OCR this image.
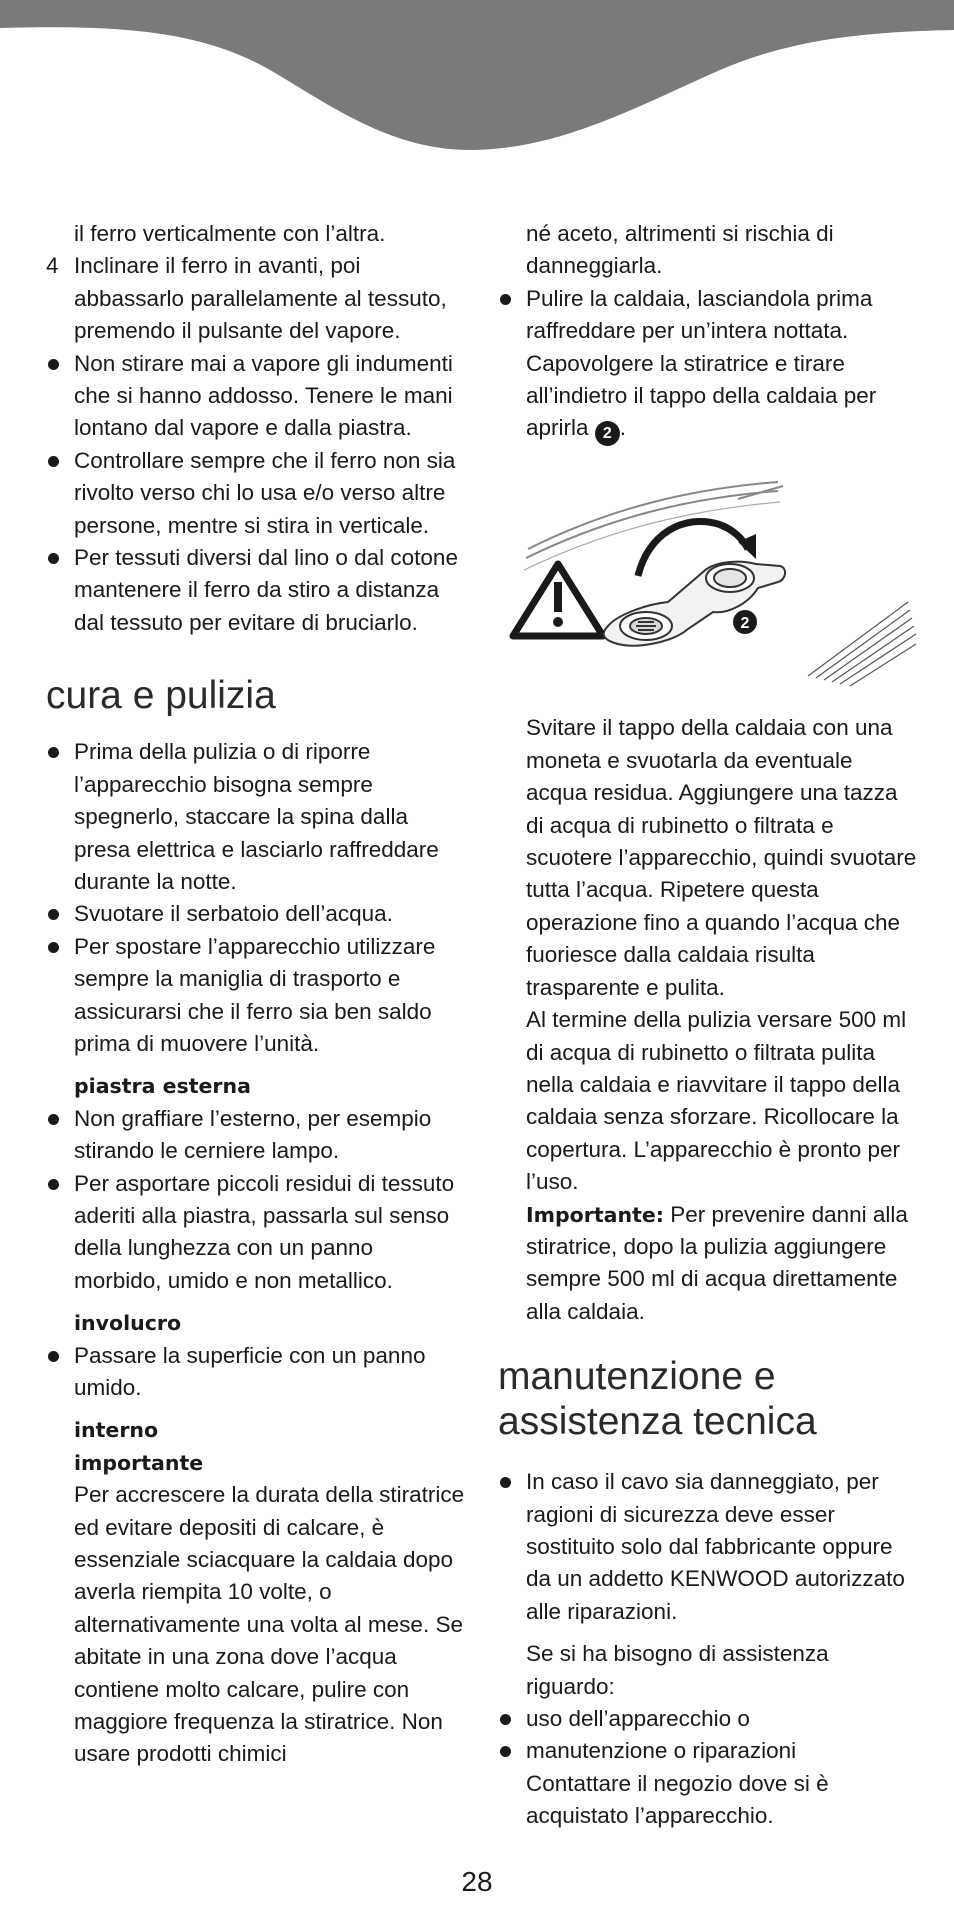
il ferro verticalmente con l’altra.

4 Inclinare il ferro in avanti, poi abbassarlo parallelamente al tessuto, premendo il pulsante del vapore.
Non stirare mai a vapore gli indumenti che si hanno addosso. Tenere le mani lontano dal vapore e dalla piastra.
Controllare sempre che il ferro non sia rivolto verso chi lo usa e/o verso altre persone, mentre si stira in verticale.
Per tessuti diversi dal lino o dal cotone mantenere il ferro da stiro a distanza dal tessuto per evitare di bruciarlo.
cura e pulizia
Prima della pulizia o di riporre l’apparecchio bisogna sempre spegnerlo, staccare la spina dalla presa elettrica e lasciarlo raffreddare durante la notte.
Svuotare il serbatoio dell’acqua.
Per spostare l’apparecchio utilizzare sempre la maniglia di trasporto e assicurarsi che il ferro sia ben saldo prima di muovere l’unità.

piastra esterna

Non graffiare l’esterno, per esempio stirando le cerniere lampo.
Per asportare piccoli residui di tessuto aderiti alla piastra, passarla sul senso della lunghezza con un panno morbido, umido e non metallico.

involucro

Passare la superficie con un panno umido.

interno

importante

Per accrescere la durata della stiratrice ed evitare depositi di calcare, è essenziale sciacquare la caldaia dopo averla riempita 10 volte, o alternativamente una volta al mese. Se abitate in una zona dove l’acqua contiene molto calcare, pulire con maggiore frequenza la stiratrice. Non usare prodotti chimici

né aceto, altrimenti si rischia di danneggiarla.

Pulire la caldaia, lasciandola prima raffreddare per un’intera nottata. Capovolgere la stiratrice e tirare all’indietro il tappo della caldaia per aprirla 2 .
2

Svitare il tappo della caldaia con una moneta e svuotarla da eventuale acqua residua. Aggiungere una tazza di acqua di rubinetto o filtrata e scuotere l’apparecchio, quindi svuotare tutta l’acqua. Ripetere questa operazione fino a quando l’acqua che fuoriesce dalla caldaia risulta trasparente e pulita.

Al termine della pulizia versare 500 ml di acqua di rubinetto o filtrata pulita nella caldaia e riavvitare il tappo della caldaia senza sforzare. Ricollocare la copertura. L’apparecchio è pronto per l’uso.

Importante: Per prevenire danni alla stiratrice, dopo la pulizia aggiungere sempre 500 ml di acqua direttamente alla caldaia.

manutenzione e assistenza tecnica
In caso il cavo sia danneggiato, per ragioni di sicurezza deve esser sostituito solo dal fabbricante oppure da un addetto KENWOOD autorizzato alle riparazioni.

Se si ha bisogno di assistenza riguardo:

uso dell’apparecchio o
manutenzione o riparazioni

Contattare il negozio dove si è acquistato l’apparecchio.

28
